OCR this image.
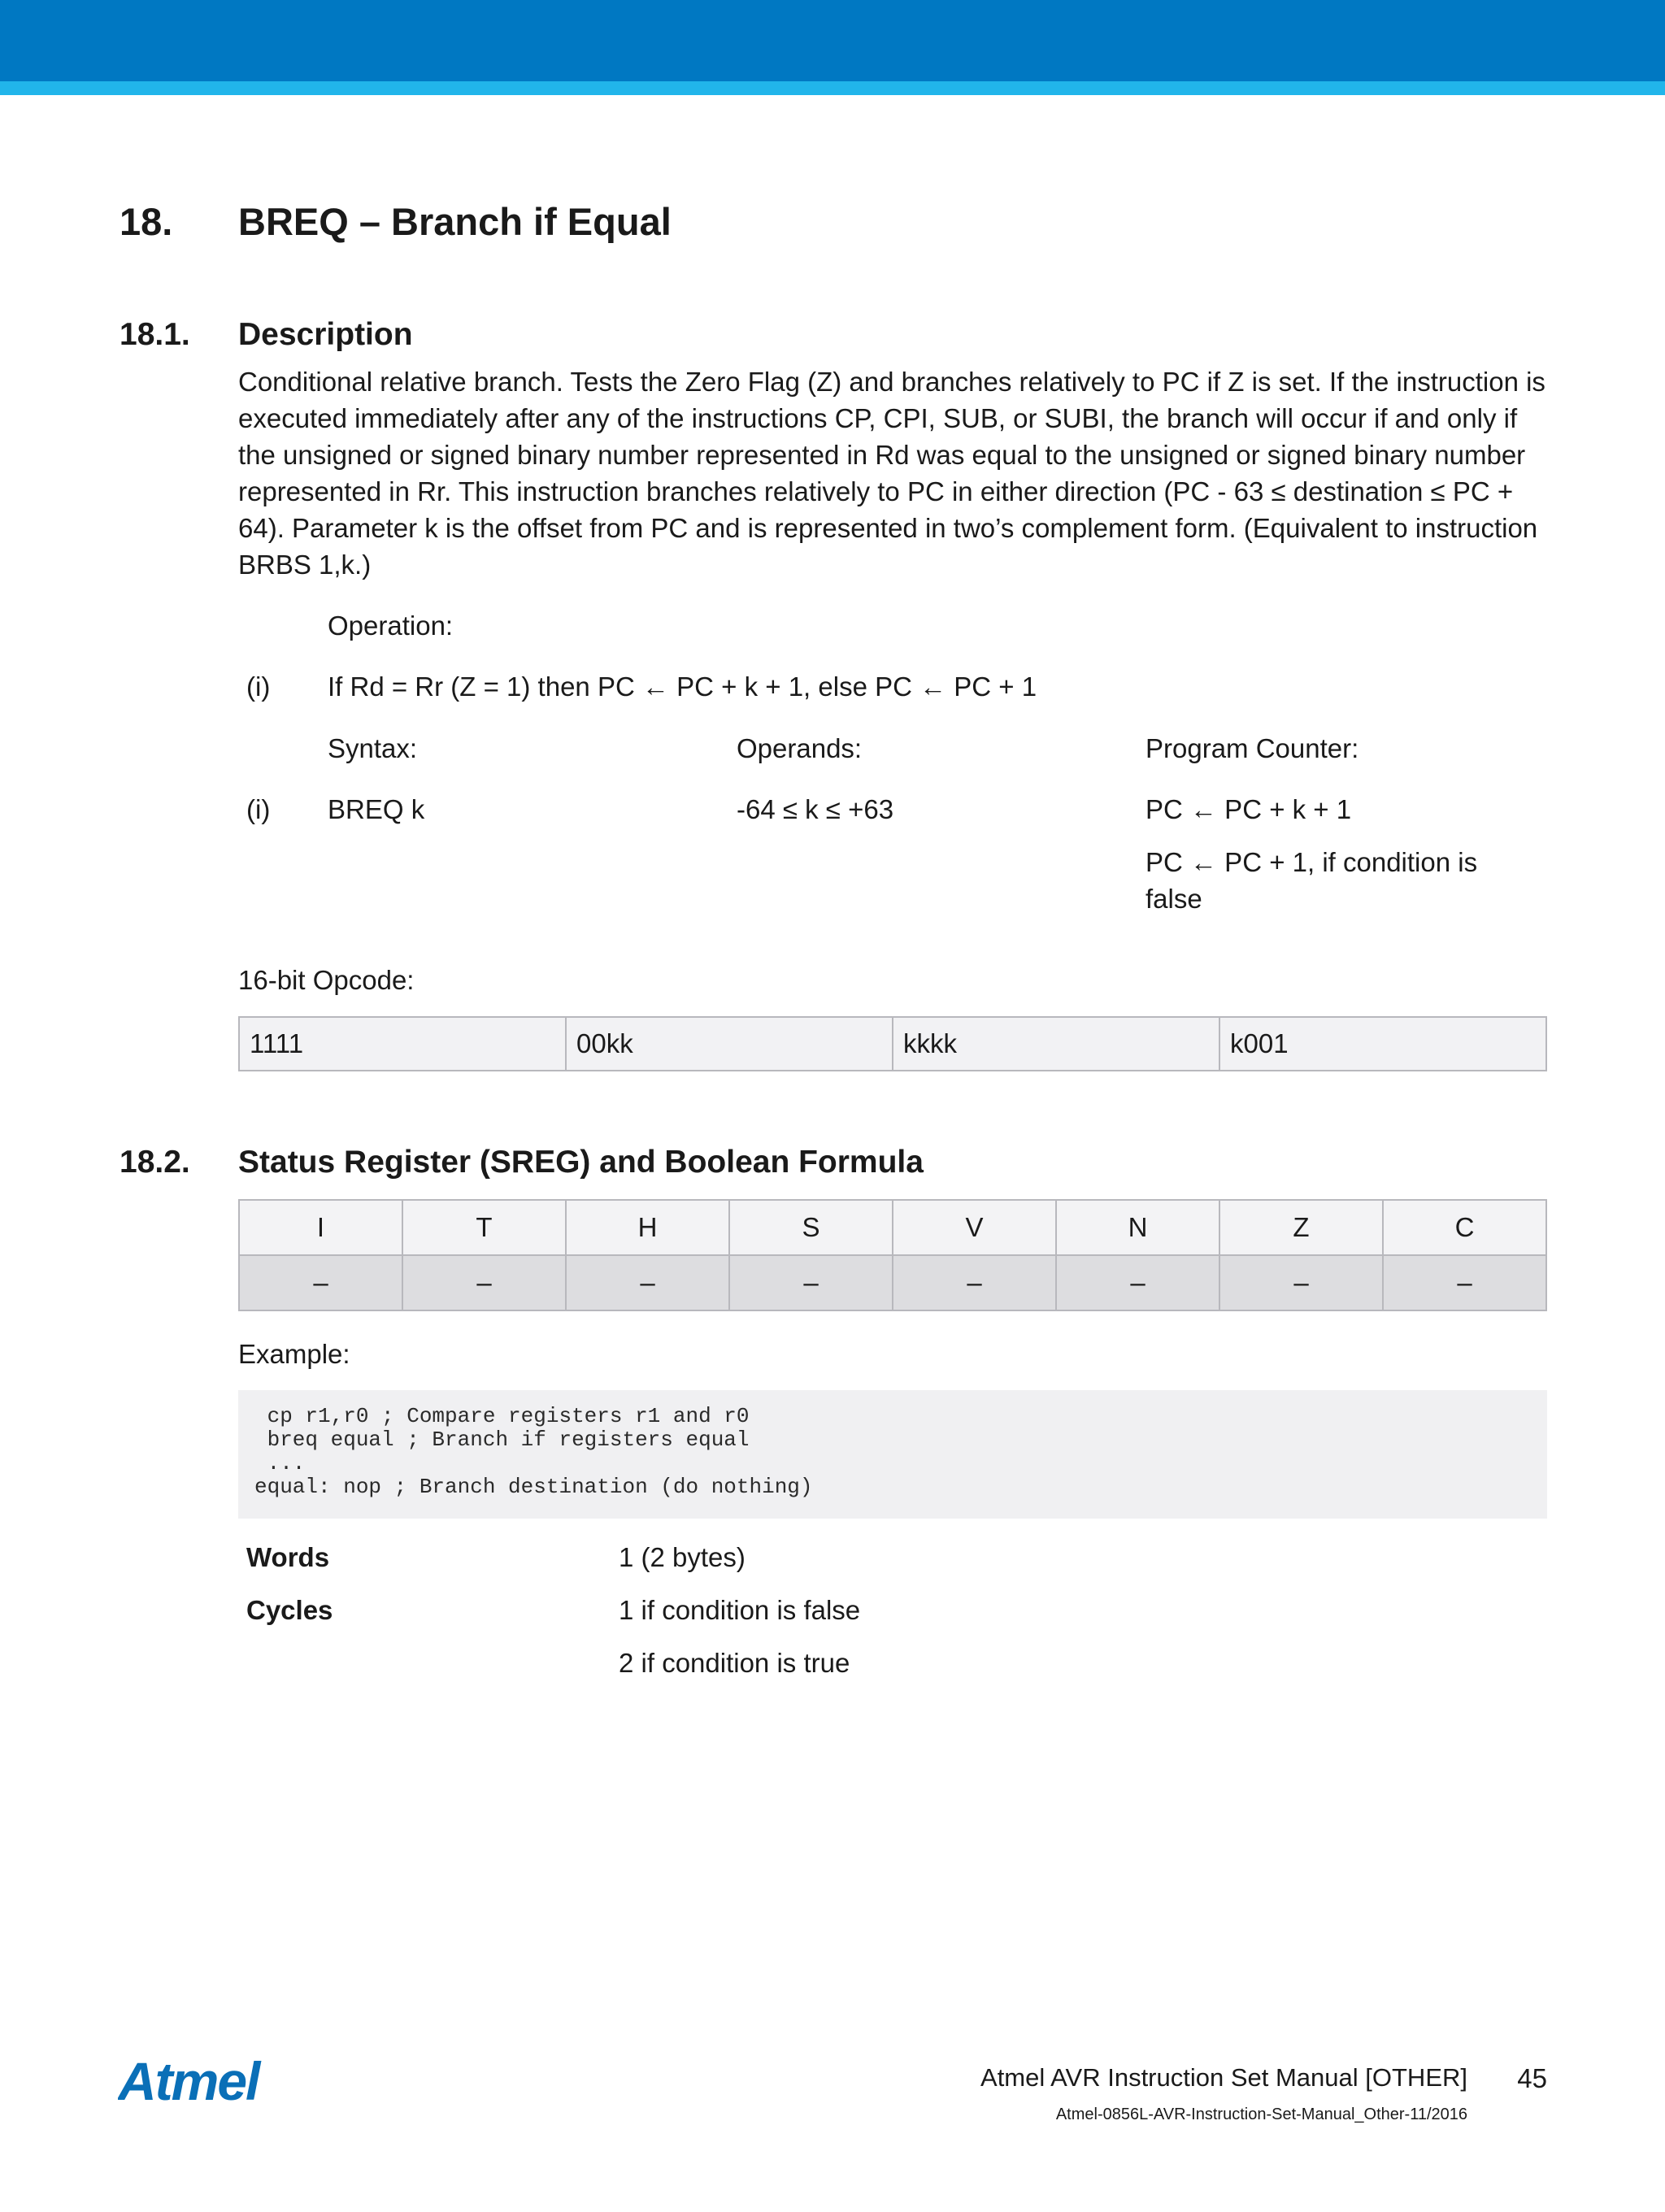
18. BREQ – Branch if Equal
18.1. Description
Conditional relative branch. Tests the Zero Flag (Z) and branches relatively to PC if Z is set. If the instruction is executed immediately after any of the instructions CP, CPI, SUB, or SUBI, the branch will occur if and only if the unsigned or signed binary number represented in Rd was equal to the unsigned or signed binary number represented in Rr. This instruction branches relatively to PC in either direction (PC - 63 ≤ destination ≤ PC + 64). Parameter k is the offset from PC and is represented in two’s complement form. (Equivalent to instruction BRBS 1,k.)
Operation:
(i) If Rd = Rr (Z = 1) then PC ← PC + k + 1, else PC ← PC + 1
Syntax:	Operands:	Program Counter:
(i) BREQ k	-64 ≤ k ≤ +63	PC ← PC + k + 1
PC ← PC + 1, if condition is false
16-bit Opcode:
1111	00kk	kkkk	k001
18.2. Status Register (SREG) and Boolean Formula
I	T	H	S	V	N	Z	C
–	–	–	–	–	–	–	–
Example:
cp r1,r0 ; Compare registers r1 and r0
breq equal ; Branch if registers equal
...
equal: nop ; Branch destination (do nothing)
Words	1 (2 bytes)
Cycles	1 if condition is false
2 if condition is true
Atmel	Atmel AVR Instruction Set Manual [OTHER] 45
Atmel-0856L-AVR-Instruction-Set-Manual_Other-11/2016
